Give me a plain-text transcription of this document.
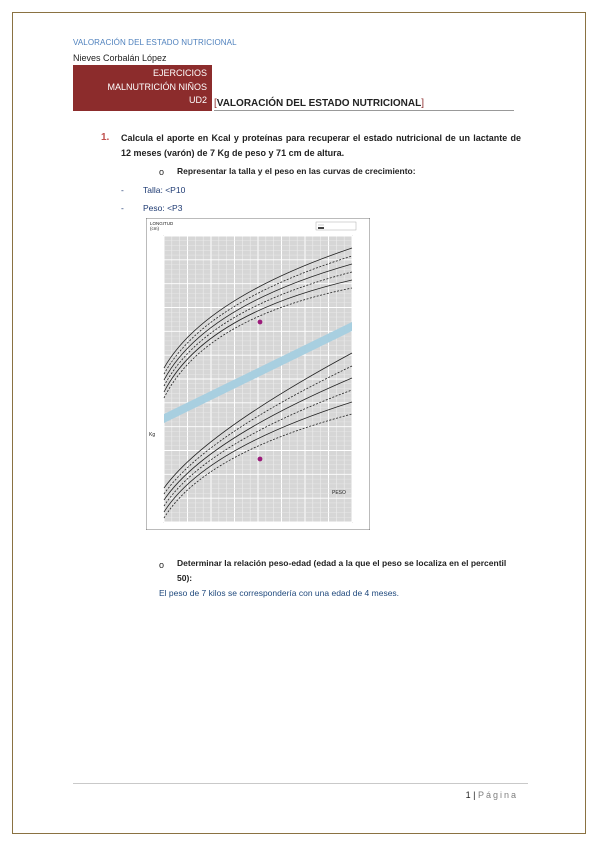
VALORACIÓN DEL ESTADO NUTRICIONAL
Nieves Corbalán López
EJERCICIOS
MALNUTRICIÓN NIÑOS
UD2 [VALORACIÓN DEL ESTADO NUTRICIONAL]
1. Calcula el aporte en Kcal y proteínas para recuperar el estado nutricional de un lactante de 12 meses (varón) de 7 Kg de peso y 71 cm de altura.
o Representar la talla y el peso en las curvas de crecimiento:
- Talla: <P10
- Peso: <P3
LONGITUD
(cm)
Kg
PESO
o Determinar la relación peso-edad (edad a la que el peso se localiza en el percentil 50):
El peso de 7 kilos se correspondería con una edad de 4 meses.
1 | Página
